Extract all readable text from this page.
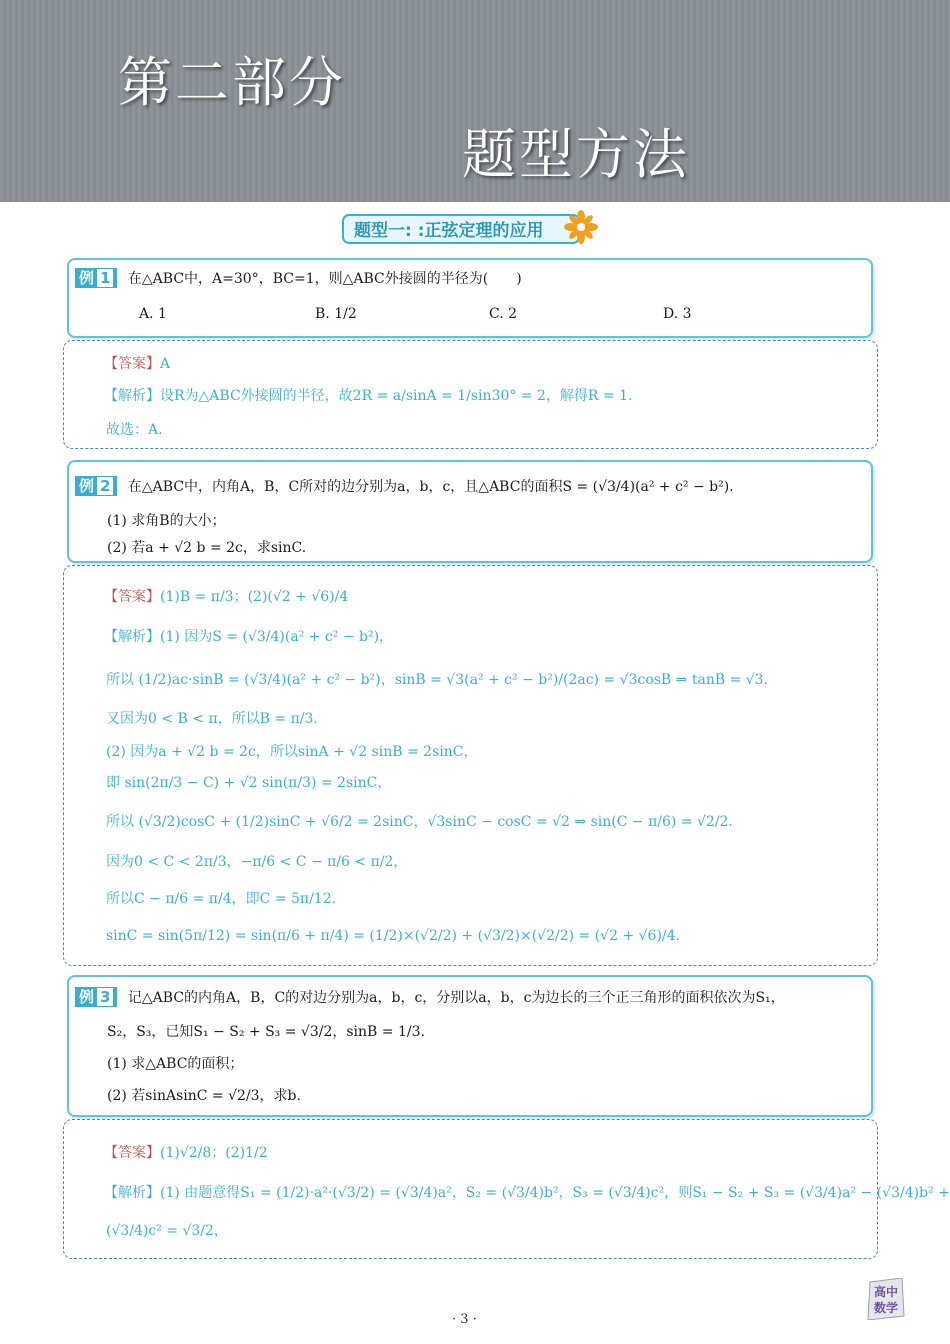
第二部分
题型方法
题型一: :正弦定理的应用
例 1 在△ABC中，A=30°，BC=1，则△ABC外接圆的半径为(　　)
A. 1	B. 1/2	C. 2	D. 3
【答案】A
【解析】设R为△ABC外接圆的半径，故2R = a/sinA = 1/sin30° = 2，解得R = 1.
故选：A.
例 2 在△ABC中，内角A，B，C所对的边分别为a，b，c，且△ABC的面积S = (√3/4)(a² + c² − b²).
(1) 求角B的大小；
(2) 若a + √2 b = 2c，求sinC.
【答案】(1)B = π/3；(2)(√2 + √6)/4
【解析】(1) 因为S = (√3/4)(a² + c² − b²)，
所以 (1/2)ac·sinB = (√3/4)(a² + c² − b²)，sinB = √3(a² + c² − b²)/(2ac) = √3cosB ⇒ tanB = √3.
又因为0 < B < π，所以B = π/3.
(2) 因为a + √2 b = 2c，所以sinA + √2 sinB = 2sinC，
即 sin(2π/3 − C) + √2 sin(π/3) = 2sinC，
所以 (√3/2)cosC + (1/2)sinC + √6/2 = 2sinC，√3sinC − cosC = √2 ⇒ sin(C − π/6) = √2/2.
因为0 < C < 2π/3，−π/6 < C − π/6 < π/2，
所以C − π/6 = π/4，即C = 5π/12.
sinC = sin(5π/12) = sin(π/6 + π/4) = (1/2)×(√2/2) + (√3/2)×(√2/2) = (√2 + √6)/4.
例 3 记△ABC的内角A，B，C的对边分别为a，b，c，分别以a，b，c为边长的三个正三角形的面积依次为S₁，
S₂，S₃，已知S₁ − S₂ + S₃ = √3/2，sinB = 1/3.
(1) 求△ABC的面积；
(2) 若sinAsinC = √2/3，求b.
【答案】(1)√2/8；(2)1/2
【解析】(1) 由题意得S₁ = (1/2)·a²·(√3/2) = (√3/4)a²，S₂ = (√3/4)b²，S₃ = (√3/4)c²，则S₁ − S₂ + S₃ = (√3/4)a² − (√3/4)b² +
(√3/4)c² = √3/2，
· 3 ·
高中
数学
